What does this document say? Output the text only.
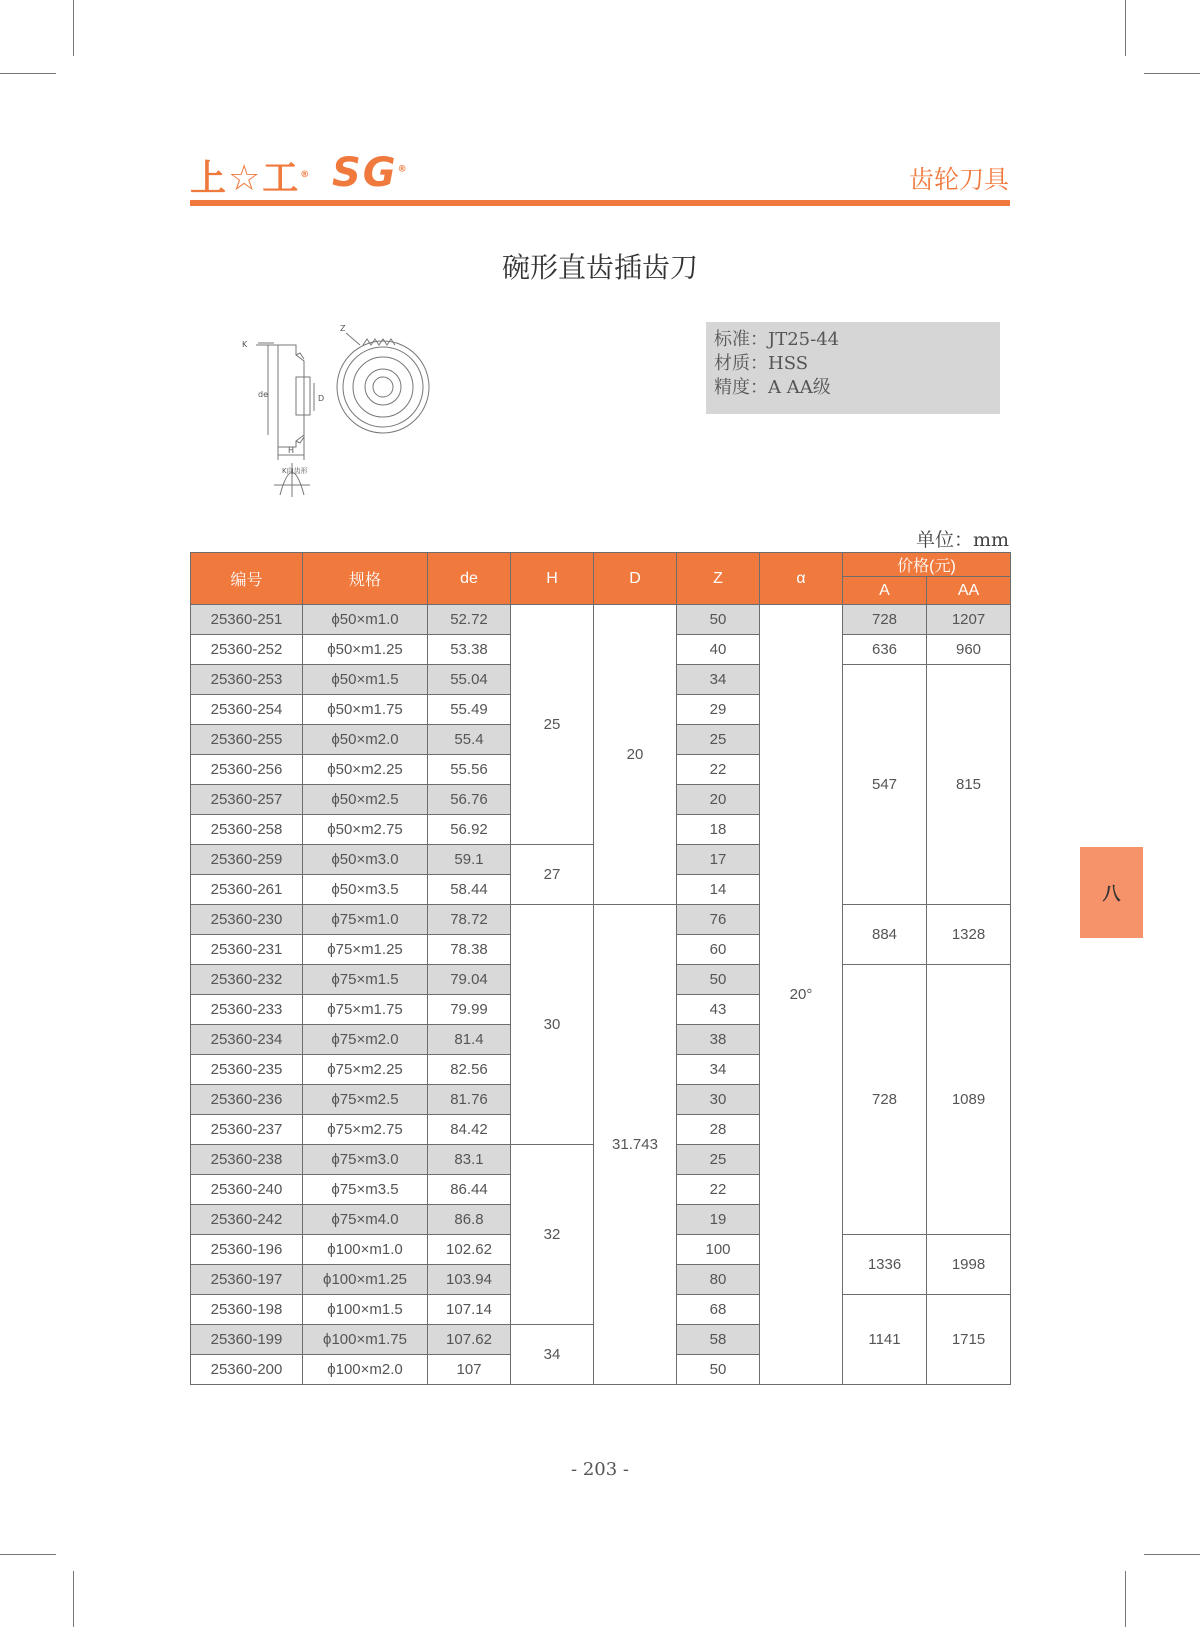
上☆工® SG®	齿轮刀具
碗形直齿插齿刀
K
Z
de	D
H
K向齿形
标准：JT25-44
材质：HSS
精度：A AA级
单位：mm
编号	规格	de	H	D	Z	α	价格(元)	
							A	AA
25360-251	ϕ50×m1.0	52.72	25	20	50	20°	728	1207
25360-252	ϕ50×m1.25	53.38			40		636	960
25360-253	ϕ50×m1.5	55.04			34		547	815
25360-254	ϕ50×m1.75	55.49			29			
25360-255	ϕ50×m2.0	55.4			25			
25360-256	ϕ50×m2.25	55.56			22			
25360-257	ϕ50×m2.5	56.76			20			
25360-258	ϕ50×m2.75	56.92			18			
25360-259	ϕ50×m3.0	59.1	27		17			
25360-261	ϕ50×m3.5	58.44			14			
25360-230	ϕ75×m1.0	78.72	30	31.743	76		884	1328
25360-231	ϕ75×m1.25	78.38			60			
25360-232	ϕ75×m1.5	79.04			50		728	1089
25360-233	ϕ75×m1.75	79.99			43			
25360-234	ϕ75×m2.0	81.4			38			
25360-235	ϕ75×m2.25	82.56			34			
25360-236	ϕ75×m2.5	81.76			30			
25360-237	ϕ75×m2.75	84.42			28			
25360-238	ϕ75×m3.0	83.1	32		25			
25360-240	ϕ75×m3.5	86.44			22			
25360-242	ϕ75×m4.0	86.8			19			
25360-196	ϕ100×m1.0	102.62			100		1336	1998
25360-197	ϕ100×m1.25	103.94			80			
25360-198	ϕ100×m1.5	107.14			68		1141	1715
25360-199	ϕ100×m1.75	107.62	34		58			
25360-200	ϕ100×m2.0	107			50			
八
- 203 -
